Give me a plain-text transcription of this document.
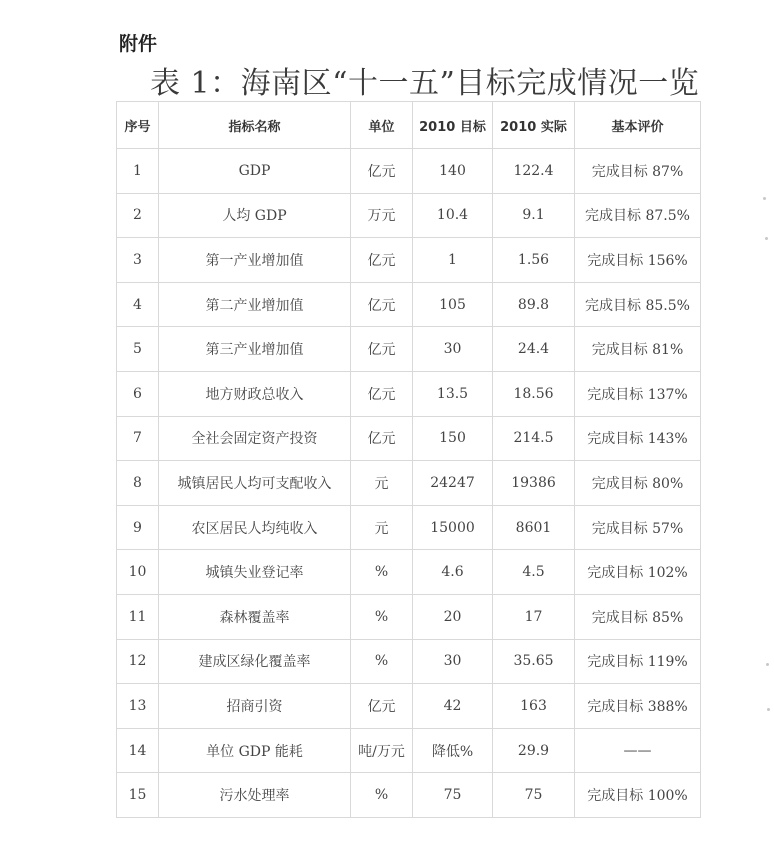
附件
表 1：海南区“十一五”目标完成情况一览
序号	指标名称	单位	2010 目标	2010 实际	基本评价
1	GDP	亿元	140	122.4	完成目标 87%
2	人均 GDP	万元	10.4	9.1	完成目标 87.5%
3	第一产业增加值	亿元	1	1.56	完成目标 156%
4	第二产业增加值	亿元	105	89.8	完成目标 85.5%
5	第三产业增加值	亿元	30	24.4	完成目标 81%
6	地方财政总收入	亿元	13.5	18.56	完成目标 137%
7	全社会固定资产投资	亿元	150	214.5	完成目标 143%
8	城镇居民人均可支配收入	元	24247	19386	完成目标 80%
9	农区居民人均纯收入	元	15000	8601	完成目标 57%
10	城镇失业登记率	%	4.6	4.5	完成目标 102%
11	森林覆盖率	%	20	17	完成目标 85%
12	建成区绿化覆盖率	%	30	35.65	完成目标 119%
13	招商引资	亿元	42	163	完成目标 388%
14	单位 GDP 能耗	吨/万元	降低%	29.9	——
15	污水处理率	%	75	75	完成目标 100%
